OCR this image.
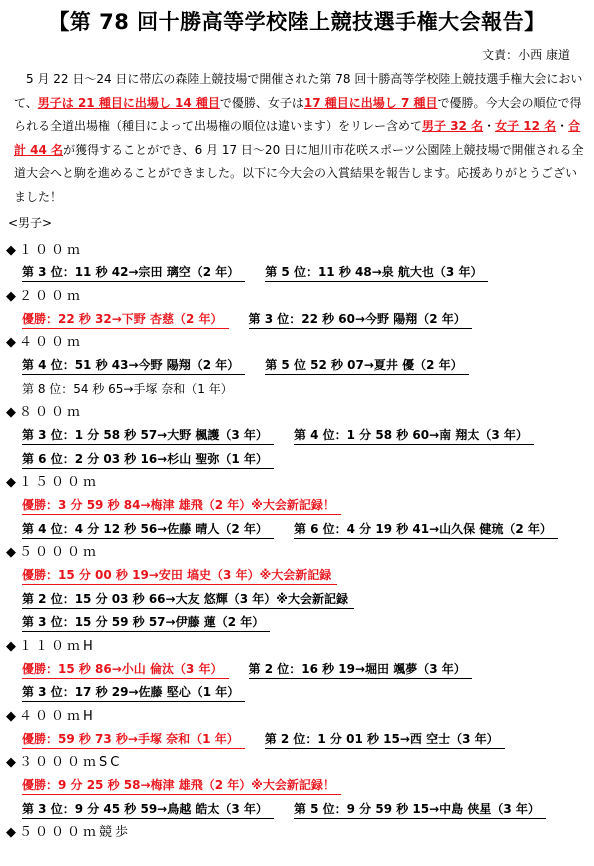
【第 78 回十勝高等学校陸上競技選手権大会報告】
文責：小西 康道
5 月 22 日～24 日に帯広の森陸上競技場で開催された第 78 回十勝高等学校陸上競技選手権大会において、男子は 21 種目に出場し 14 種目で優勝、女子は17 種目に出場し 7 種目で優勝。今大会の順位で得られる全道出場権（種目によって出場権の順位は違います）をリレー含めて男子 32 名・女子 12 名・合計 44 名が獲得することができ、6 月 17 日～20 日に旭川市花咲スポーツ公園陸上競技場で開催される全道大会へと駒を進めることができました。以下に今大会の入賞結果を報告します。応援ありがとうございました！
<男子>
◆１００ｍ
第 3 位：11 秒 42→宗田 璃空（2 年） 第 5 位：11 秒 48→泉 航大也（3 年）
◆２００ｍ
優勝：22 秒 32→下野 杏慈（2 年） 第 3 位：22 秒 60→今野 陽翔（2 年）
◆４００ｍ
第 4 位：51 秒 43→今野 陽翔（2 年） 第 5 位 52 秒 07→夏井 優（2 年）
第 8 位：54 秒 65→手塚 奈和（1 年）
◆８００ｍ
第 3 位：1 分 58 秒 57→大野 楓護（3 年） 第 4 位：1 分 58 秒 60→南 翔太（3 年）
第 6 位：2 分 03 秒 16→杉山 聖弥（1 年）
◆１５００ｍ
優勝：3 分 59 秒 84→梅津 雄飛（2 年）※大会新記録！
第 4 位：4 分 12 秒 56→佐藤 晴人（2 年） 第 6 位：4 分 19 秒 41→山久保 健琉（2 年）
◆５０００ｍ
優勝：15 分 00 秒 19→安田 塙史（3 年）※大会新記録
第 2 位：15 分 03 秒 66→大友 悠輝（3 年）※大会新記録
第 3 位：15 分 59 秒 57→伊藤 蓮（2 年）
◆１１０ｍH
優勝：15 秒 86→小山 倫汰（3 年） 第 2 位：16 秒 19→堀田 颯夢（3 年）
第 3 位：17 秒 29→佐藤 堅心（1 年）
◆４００ｍH
優勝：59 秒 73 秒→手塚 奈和（1 年） 第 2 位：1 分 01 秒 15→西 空士（3 年）
◆３０００ｍSC
優勝：9 分 25 秒 58→梅津 雄飛（2 年）※大会新記録！
第 3 位：9 分 45 秒 59→鳥越 皓太（3 年） 第 5 位：9 分 59 秒 15→中島 侠星（3 年）
◆５０００ｍ競歩
